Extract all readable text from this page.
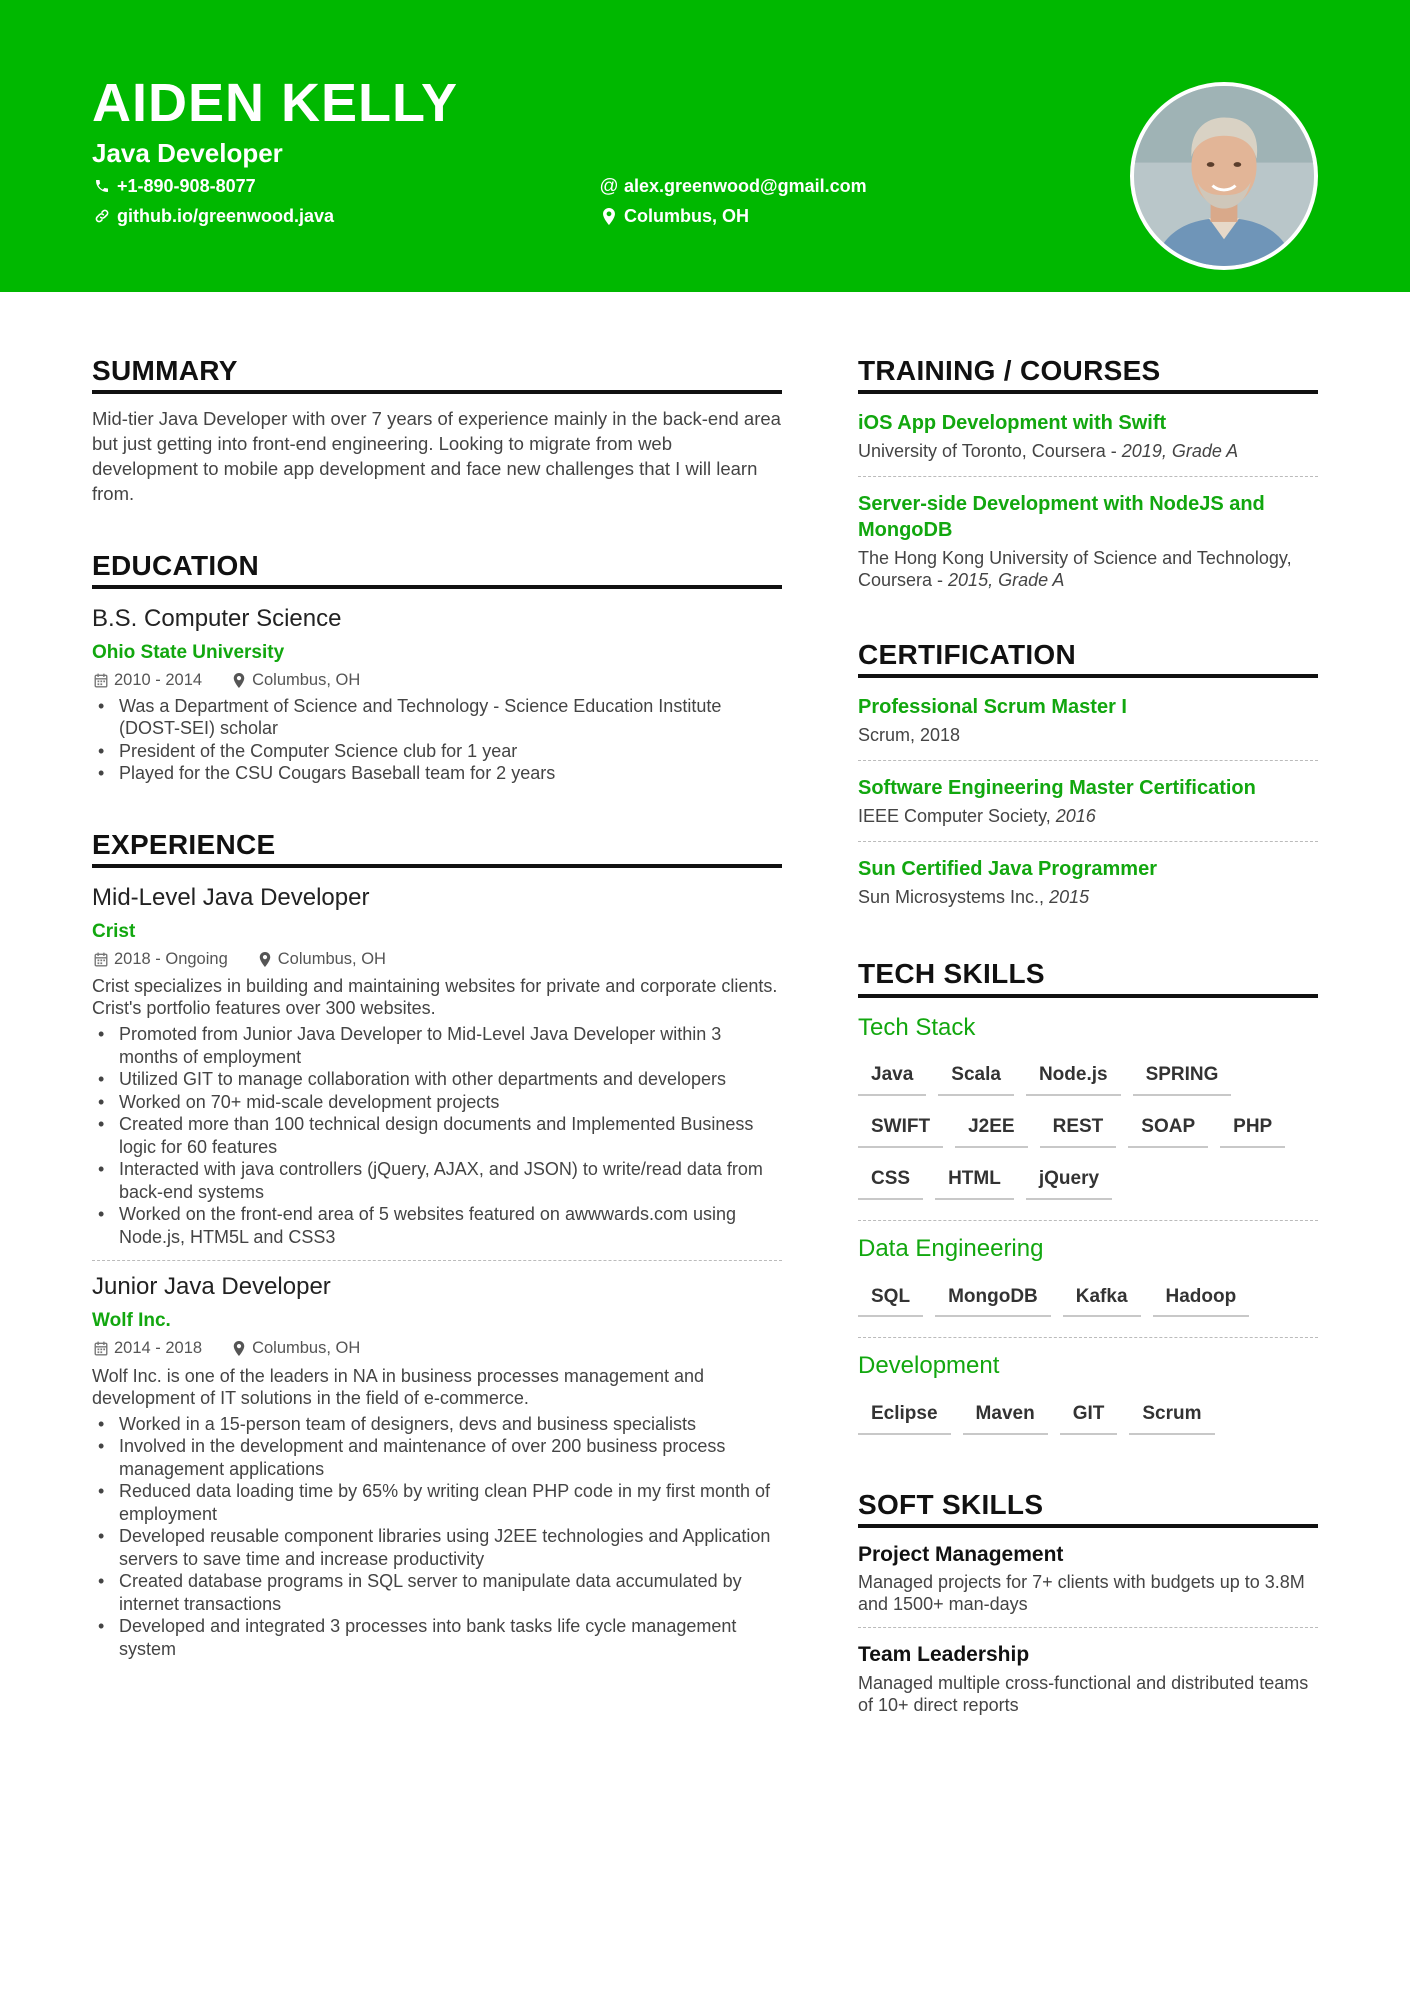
AIDEN KELLY
Java Developer
+1-890-908-8077
github.io/greenwood.java
@ alex.greenwood@gmail.com
Columbus, OH
SUMMARY
Mid-tier Java Developer with over 7 years of experience mainly in the back-end area but just getting into front-end engineering. Looking to migrate from web development to mobile app development and face new challenges that I will learn from.
EDUCATION
B.S. Computer Science
Ohio State University
2010 - 2014	Columbus, OH
• Was a Department of Science and Technology - Science Education Institute (DOST-SEI) scholar
• President of the Computer Science club for 1 year
• Played for the CSU Cougars Baseball team for 2 years
EXPERIENCE
Mid-Level Java Developer
Crist
2018 - Ongoing	Columbus, OH
Crist specializes in building and maintaining websites for private and corporate clients. Crist's portfolio features over 300 websites.
• Promoted from Junior Java Developer to Mid-Level Java Developer within 3 months of employment
• Utilized GIT to manage collaboration with other departments and developers
• Worked on 70+ mid-scale development projects
• Created more than 100 technical design documents and Implemented Business logic for 60 features
• Interacted with java controllers (jQuery, AJAX, and JSON) to write/read data from back-end systems
• Worked on the front-end area of 5 websites featured on awwwards.com using Node.js, HTM5L and CSS3
Junior Java Developer
Wolf Inc.
2014 - 2018	Columbus, OH
Wolf Inc. is one of the leaders in NA in business processes management and development of IT solutions in the field of e-commerce.
• Worked in a 15-person team of designers, devs and business specialists
• Involved in the development and maintenance of over 200 business process management applications
• Reduced data loading time by 65% by writing clean PHP code in my first month of employment
• Developed reusable component libraries using J2EE technologies and Application servers to save time and increase productivity
• Created database programs in SQL server to manipulate data accumulated by internet transactions
• Developed and integrated 3 processes into bank tasks life cycle management system
TRAINING / COURSES
iOS App Development with Swift
University of Toronto, Coursera - 2019, Grade A
Server-side Development with NodeJS and MongoDB
The Hong Kong University of Science and Technology, Coursera - 2015, Grade A
CERTIFICATION
Professional Scrum Master I
Scrum, 2018
Software Engineering Master Certification
IEEE Computer Society, 2016
Sun Certified Java Programmer
Sun Microsystems Inc., 2015
TECH SKILLS
Tech Stack
Java	Scala	Node.js	SPRING
SWIFT	J2EE	REST	SOAP	PHP
CSS	HTML	jQuery
Data Engineering
SQL	MongoDB	Kafka	Hadoop
Development
Eclipse	Maven	GIT	Scrum
SOFT SKILLS
Project Management
Managed projects for 7+ clients with budgets up to 3.8M and 1500+ man-days
Team Leadership
Managed multiple cross-functional and distributed teams of 10+ direct reports
